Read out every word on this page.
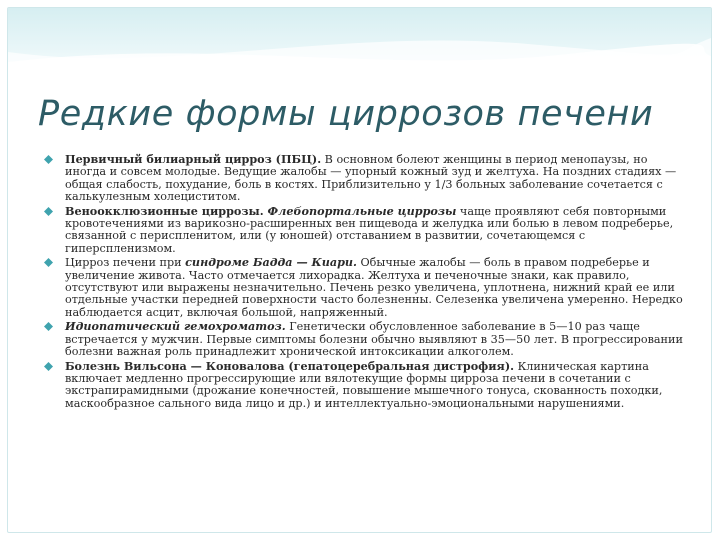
Редкие формы циррозов печени
Первичный билиарный цирроз (ПБЦ). В основном болеют женщины в период менопаузы, но иногда и совсем молодые. Ведущие жалобы — упорный кожный зуд и желтуха. На поздних стадиях — общая слабость, похудание, боль в костях. Приблизительно у 1/3 больных заболевание сочетается с калькулезным холециститом.
Веноокклюзионные циррозы. Флебопортальные циррозы чаще проявляют себя повторными кровотечениями из варикозно-расширенных вен пищевода и желудка или болью в левом подреберье, связанной с периспленитом, или (у юношей) отставанием в развитии, сочетающемся с гиперспленизмом.
Цирроз печени при синдроме Бадда — Киари. Обычные жалобы — боль в правом подреберье и увеличение живота. Часто отмечается лихорадка. Желтуха и печеночные знаки, как правило, отсутствуют или выражены незначительно. Печень резко увеличена, уплотнена, нижний край ее или отдельные участки передней поверхности часто болезненны. Селезенка увеличена умеренно. Нередко наблюдается асцит, включая большой, напряженный.
Идиопатический гемохроматоз. Генетически обусловленное заболевание в 5—10 раз чаще встречается у мужчин. Первые симптомы болезни обычно выявляют в 35—50 лет. В прогрессировании болезни важная роль принадлежит хронической интоксикации алкоголем.
Болезнь Вильсона — Коновалова (гепатоцеребральная дистрофия). Клиническая картина включает медленно прогрессирующие или вялотекущие формы цирроза печени в сочетании с экстрапирамидными (дрожание конечностей, повышение мышечного тонуса, скованность походки, маскообразное сального вида лицо и др.) и интеллектуально-эмоциональными нарушениями.
